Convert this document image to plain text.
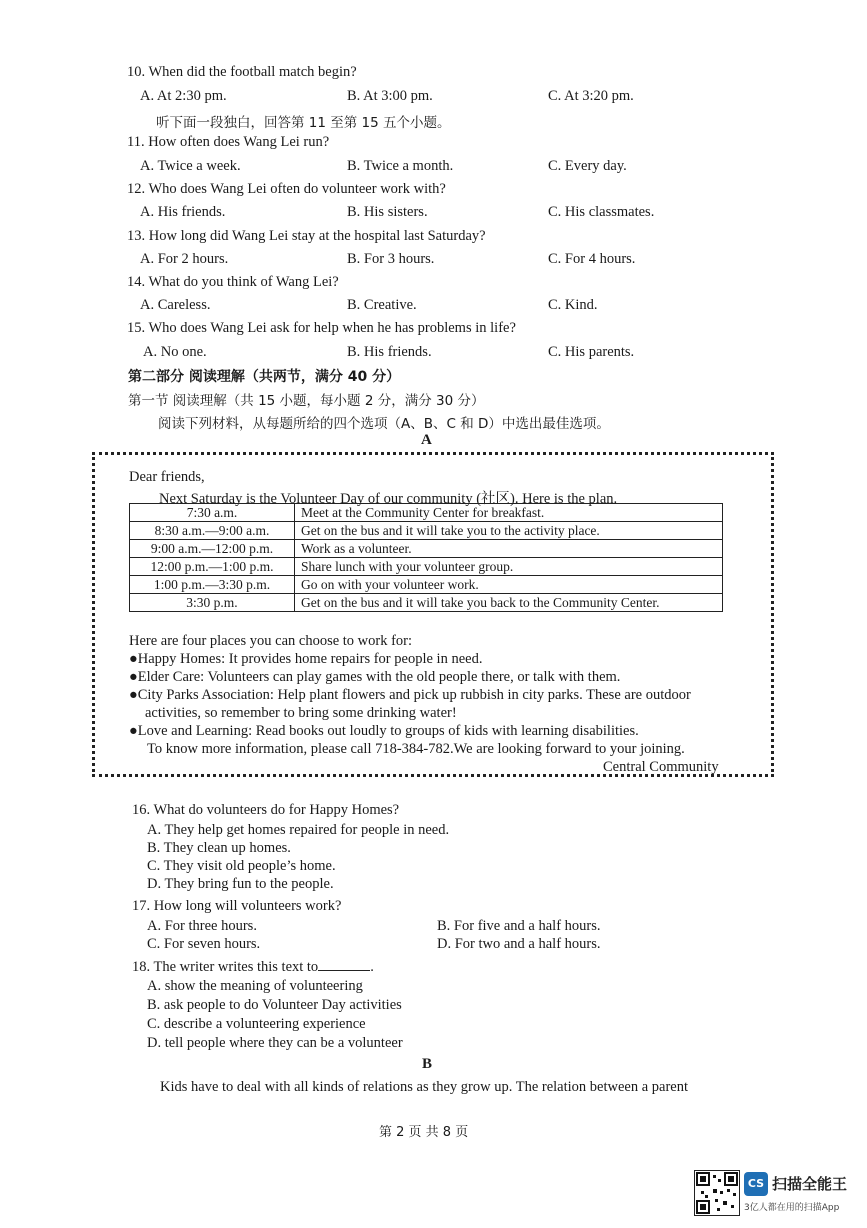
10. When did the football match begin?
A. At 2:30 pm.	B. At 3:00 pm.	C. At 3:20 pm.
听下面一段独白，回答第 11 至第 15 五个小题。
11. How often does Wang Lei run?
A. Twice a week.	B. Twice a month.	C. Every day.
12. Who does Wang Lei often do volunteer work with?
A. His friends.	B. His sisters.	C. His classmates.
13. How long did Wang Lei stay at the hospital last Saturday?
A. For 2 hours.	B. For 3 hours.	C. For 4 hours.
14. What do you think of Wang Lei?
A. Careless.	B. Creative.	C. Kind.
15. Who does Wang Lei ask for help when he has problems in life?
A. No one.	B. His friends.	C. His parents.
第二部分 阅读理解（共两节，满分 40 分）
第一节 阅读理解（共 15 小题，每小题 2 分，满分 30 分）
阅读下列材料，从每题所给的四个选项（A、B、C 和 D）中选出最佳选项。
A
Dear friends,
Next Saturday is the Volunteer Day of our community (社区). Here is the plan.
7:30 a.m.	Meet at the Community Center for breakfast.
8:30 a.m.—9:00 a.m.	Get on the bus and it will take you to the activity place.
9:00 a.m.—12:00 p.m.	Work as a volunteer.
12:00 p.m.—1:00 p.m.	Share lunch with your volunteer group.
1:00 p.m.—3:30 p.m.	Go on with your volunteer work.
3:30 p.m.	Get on the bus and it will take you back to the Community Center.
Here are four places you can choose to work for:
●Happy Homes: It provides home repairs for people in need.
●Elder Care: Volunteers can play games with the old people there, or talk with them.
●City Parks Association: Help plant flowers and pick up rubbish in city parks. These are outdoor
activities, so remember to bring some drinking water!
●Love and Learning: Read books out loudly to groups of kids with learning disabilities.
To know more information, please call 718-384-782.We are looking forward to your joining.
Central Community
16. What do volunteers do for Happy Homes?
A. They help get homes repaired for people in need.
B. They clean up homes.
C. They visit old people’s home.
D. They bring fun to the people.
17. How long will volunteers work?
A. For three hours.	B. For five and a half hours.
C. For seven hours.	D. For two and a half hours.
18. The writer writes this text to	.
A. show the meaning of volunteering
B. ask people to do Volunteer Day activities
C. describe a volunteering experience
D. tell people where they can be a volunteer
B
Kids have to deal with all kinds of relations as they grow up. The relation between a parent
第 2 页 共 8 页
CS 扫描全能王
3亿人都在用的扫描App
